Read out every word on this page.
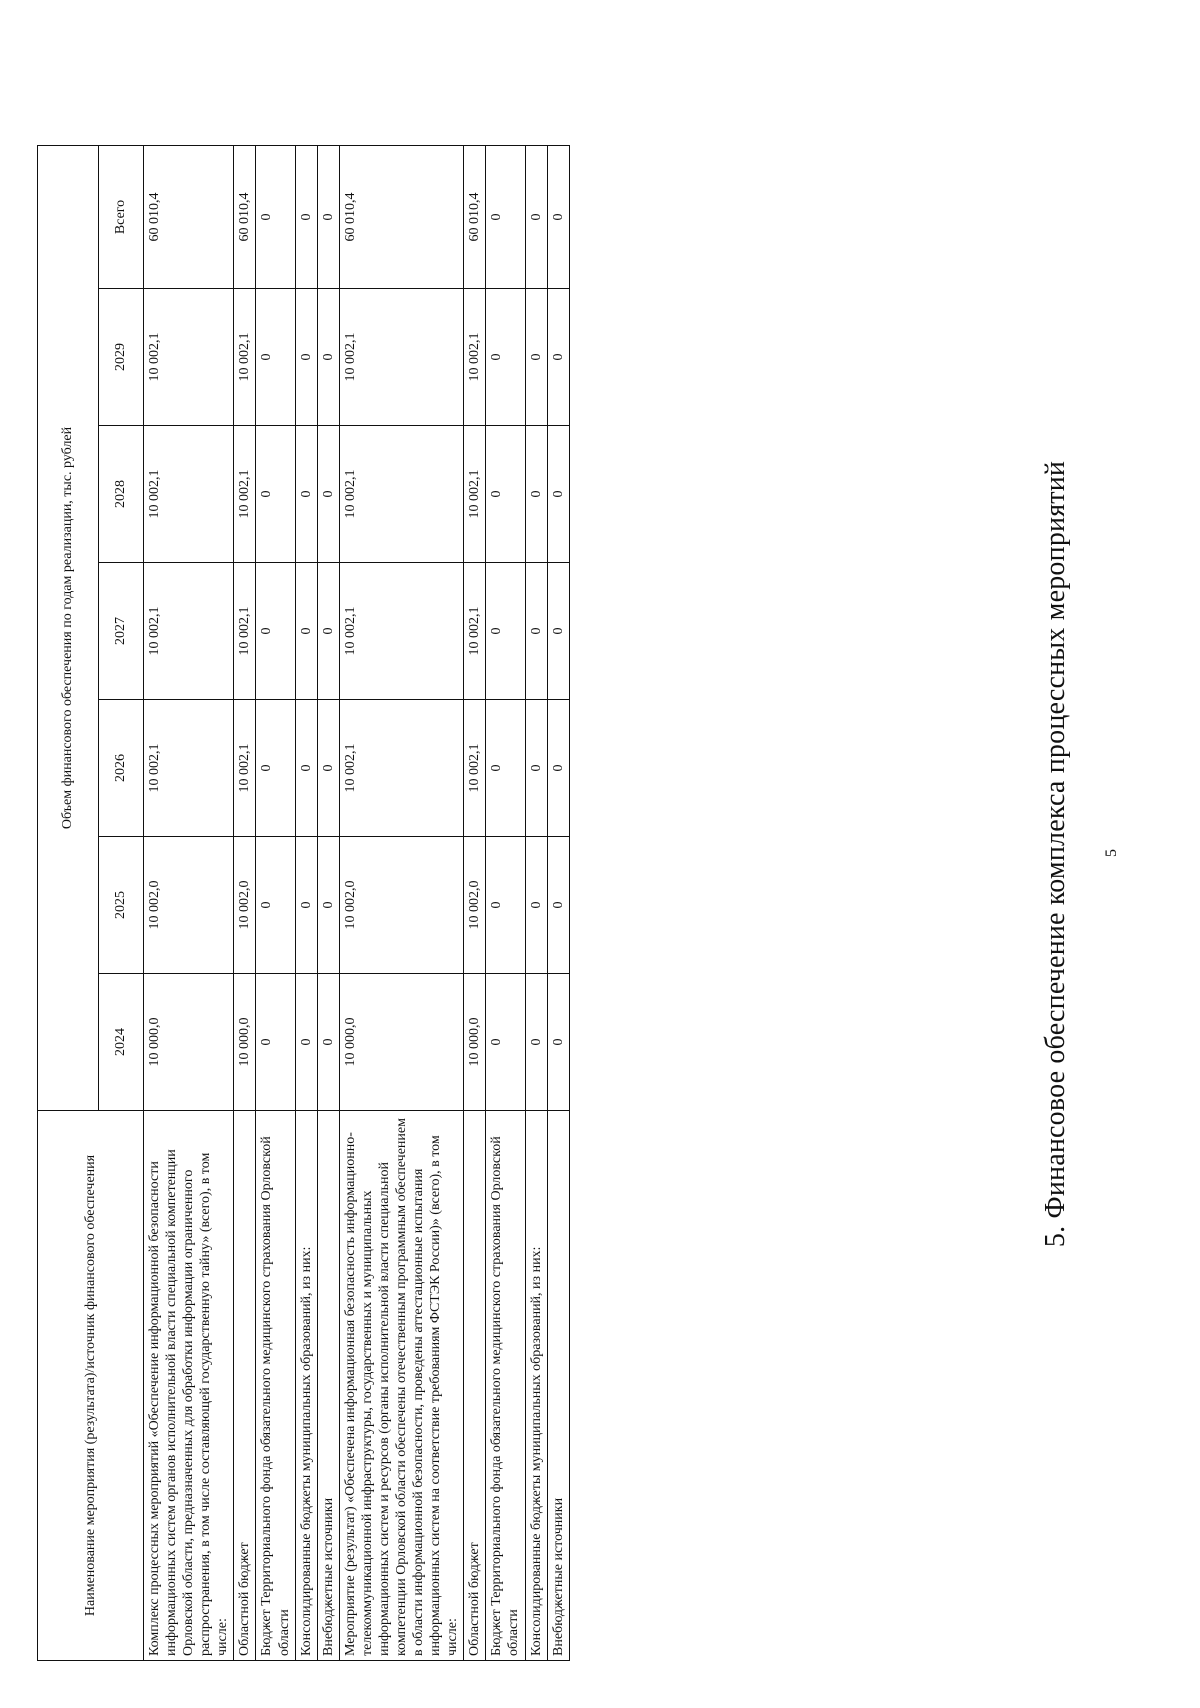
5
5. Финансовое обеспечение комплекса процессных мероприятий
Наименование мероприятия (результата)/источник финансового обеспечения	Объем финансового обеспечения по годам реализации, тыс. рублей						
	2024	2025	2026	2027	2028	2029	Всего
Комплекс процессных мероприятий «Обеспечение информационной безопасности информационных систем органов исполнительной власти специальной компетенции Орловской области, предназначенных для обработки информации ограниченного распространения, в том числе составляющей государственную тайну» (всего), в том числе:	10 000,0	10 002,0	10 002,1	10 002,1	10 002,1	10 002,1	60 010,4
Областной бюджет	10 000,0	10 002,0	10 002,1	10 002,1	10 002,1	10 002,1	60 010,4
Бюджет Территориального фонда обязательного медицинского страхования Орловской области	0	0	0	0	0	0	0
Консолидированные бюджеты муниципальных образований, из них:	0	0	0	0	0	0	0
Внебюджетные источники	0	0	0	0	0	0	0
Мероприятие (результат) «Обеспечена информационная безопасность информационно-телекоммуникационной инфраструктуры, государственных и муниципальных информационных систем и ресурсов (органы исполнительной власти специальной компетенции Орловской области обеспечены отечественным программным обеспечением в области информационной безопасности, проведены аттестационные испытания информационных систем на соответствие требованиям ФСТЭК России)» (всего), в том числе:	10 000,0	10 002,0	10 002,1	10 002,1	10 002,1	10 002,1	60 010,4
Областной бюджет	10 000,0	10 002,0	10 002,1	10 002,1	10 002,1	10 002,1	60 010,4
Бюджет Территориального фонда обязательного медицинского страхования Орловской области	0	0	0	0	0	0	0
Консолидированные бюджеты муниципальных образований, из них:	0	0	0	0	0	0	0
Внебюджетные источники	0	0	0	0	0	0	0
